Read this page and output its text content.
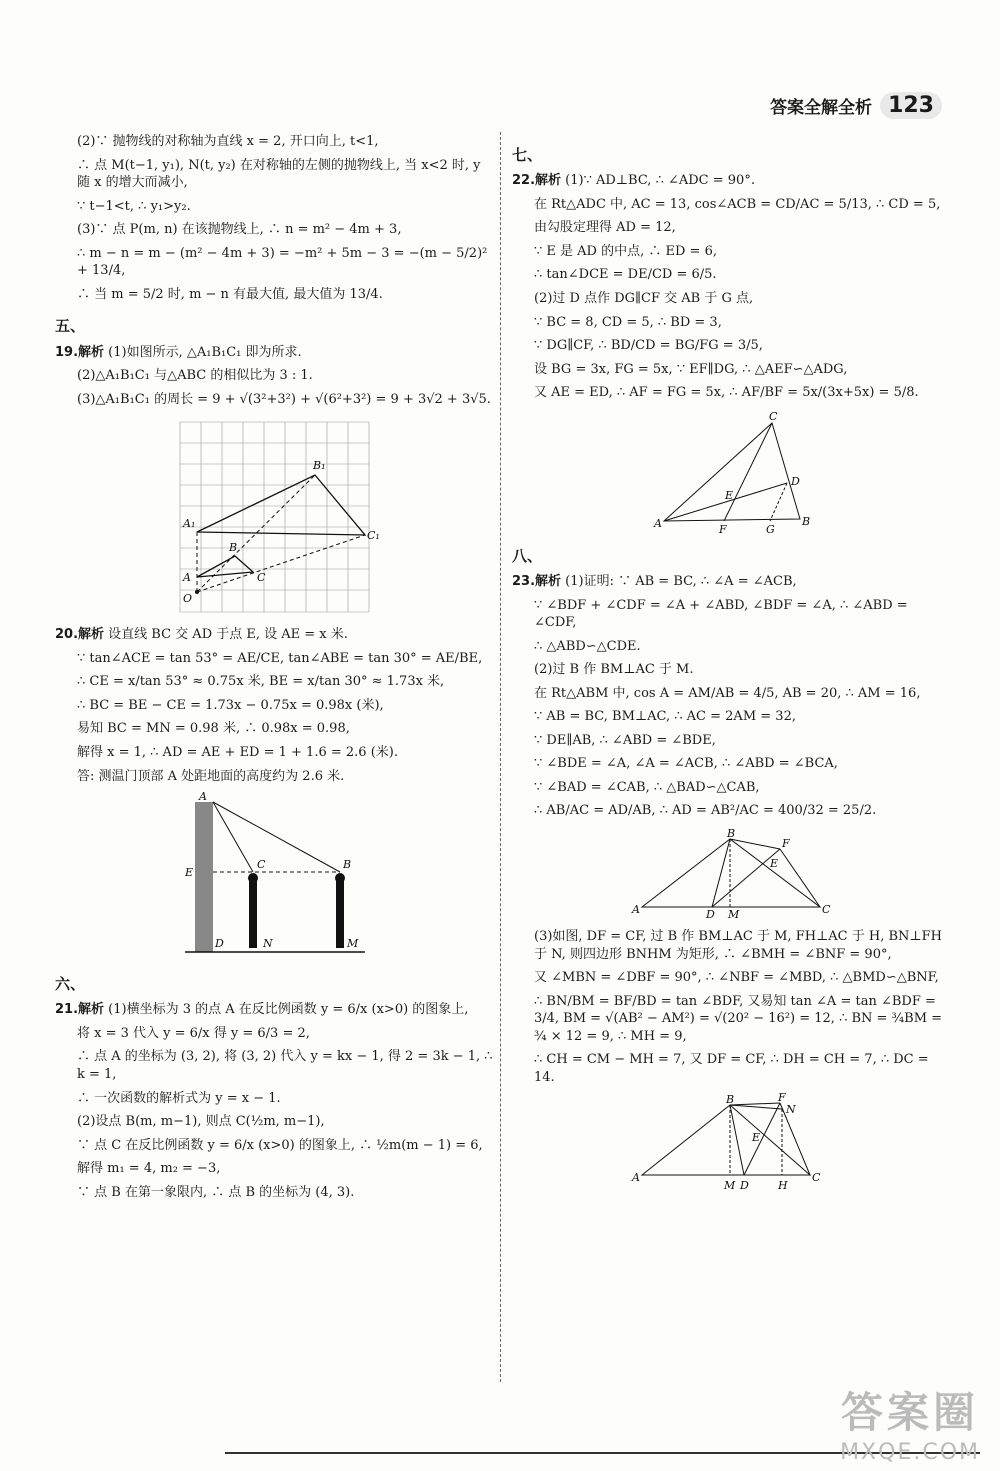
答案全解全析 123

(2)∵ 抛物线的对称轴为直线 x = 2, 开口向上, t<1,

∴ 点 M(t−1, y₁), N(t, y₂) 在对称轴的左侧的抛物线上, 当 x<2 时, y 随 x 的增大而减小,

∵ t−1<t, ∴ y₁>y₂.

(3)∵ 点 P(m, n) 在该抛物线上, ∴ n = m² − 4m + 3,

∴ m − n = m − (m² − 4m + 3) = −m² + 5m − 3 = −(m − 5/2)² + 13/4,

∴ 当 m = 5/2 时, m − n 有最大值, 最大值为 13/4.

五、

19.解析 (1)如图所示, △A₁B₁C₁ 即为所求.

(2)△A₁B₁C₁ 与△ABC 的相似比为 3 : 1.

(3)△A₁B₁C₁ 的周长 = 9 + √(3²+3²) + √(6²+3²) = 9 + 3√2 + 3√5.

A₁
B₁
C₁
A
B
C
O

20.解析 设直线 BC 交 AD 于点 E, 设 AE = x 米.

∵ tan∠ACE = tan 53° = AE/CE, tan∠ABE = tan 30° = AE/BE,

∴ CE = x/tan 53° ≈ 0.75x 米, BE = x/tan 30° ≈ 1.73x 米,

∴ BC = BE − CE = 1.73x − 0.75x = 0.98x (米),

易知 BC = MN = 0.98 米, ∴ 0.98x = 0.98,

解得 x = 1, ∴ AD = AE + ED = 1 + 1.6 = 2.6 (米).

答: 测温门顶部 A 处距地面的高度约为 2.6 米.

A
E
C	B
D	N	M
六、

21.解析 (1)横坐标为 3 的点 A 在反比例函数 y = 6/x (x>0) 的图象上,

将 x = 3 代入 y = 6/x 得 y = 6/3 = 2,

∴ 点 A 的坐标为 (3, 2), 将 (3, 2) 代入 y = kx − 1, 得 2 = 3k − 1, ∴ k = 1,

∴ 一次函数的解析式为 y = x − 1.

(2)设点 B(m, m−1), 则点 C(½m, m−1),

∵ 点 C 在反比例函数 y = 6/x (x>0) 的图象上, ∴ ½m(m − 1) = 6,

解得 m₁ = 4, m₂ = −3,

∵ 点 B 在第一象限内, ∴ 点 B 的坐标为 (4, 3).

七、

22.解析 (1)∵ AD⊥BC, ∴ ∠ADC = 90°.

在 Rt△ADC 中, AC = 13, cos∠ACB = CD/AC = 5/13, ∴ CD = 5,

由勾股定理得 AD = 12,

∵ E 是 AD 的中点, ∴ ED = 6,

∴ tan∠DCE = DE/CD = 6/5.

(2)过 D 点作 DG∥CF 交 AB 于 G 点,

∵ BC = 8, CD = 5, ∴ BD = 3,

∵ DG∥CF, ∴ BD/CD = BG/FG = 3/5,

设 BG = 3x, FG = 5x, ∵ EF∥DG, ∴ △AEF∽△ADG,

又 AE = ED, ∴ AF = FG = 5x, ∴ AF/BF = 5x/(3x+5x) = 5/8.

C
D
E
A	F	G
B
八、

23.解析 (1)证明: ∵ AB = BC, ∴ ∠A = ∠ACB,

∵ ∠BDF + ∠CDF = ∠A + ∠ABD, ∠BDF = ∠A, ∴ ∠ABD = ∠CDF,

∴ △ABD∽△CDE.

(2)过 B 作 BM⊥AC 于 M.

在 Rt△ABM 中, cos A = AM/AB = 4/5, AB = 20, ∴ AM = 16,

∵ AB = BC, BM⊥AC, ∴ AC = 2AM = 32,

∵ DE∥AB, ∴ ∠ABD = ∠BDE,

∵ ∠BDE = ∠A, ∠A = ∠ACB, ∴ ∠ABD = ∠BCA,

∵ ∠BAD = ∠CAB, ∴ △BAD∽△CAB,

∴ AB/AC = AD/AB, ∴ AD = AB²/AC = 400/32 = 25/2.

B
F
E
A	D M	C

(3)如图, DF = CF, 过 B 作 BM⊥AC 于 M, FH⊥AC 于 H, BN⊥FH 于 N, 则四边形 BNHM 为矩形, ∴ ∠BMH = ∠BNF = 90°,

又 ∠MBN = ∠DBF = 90°, ∴ ∠NBF = ∠MBD, ∴ △BMD∽△BNF,

∴ BN/BM = BF/BD = tan ∠BDF, 又易知 tan ∠A = tan ∠BDF = 3/4, BM = √(AB² − AM²) = √(20² − 16²) = 12, ∴ BN = ¾BM = ¾ × 12 = 9, ∴ MH = 9,

∴ CH = CM − MH = 7, 又 DF = CF, ∴ DH = CH = 7, ∴ DC = 14.

B	F
N
E
A
M D	H
C
答案圈
MXQE.COM
